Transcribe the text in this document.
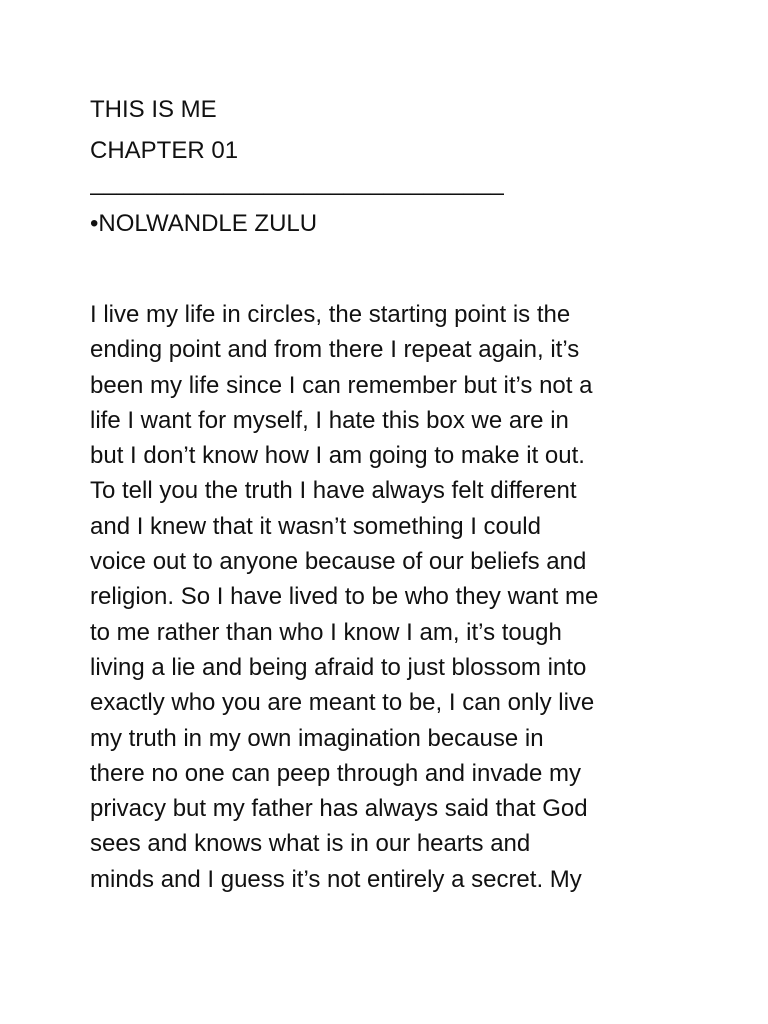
THIS IS ME
CHAPTER 01
_______________________________
•NOLWANDLE ZULU
I live my life in circles, the starting point is the
ending point and from there I repeat again, it’s
been my life since I can remember but it’s not a
life I want for myself, I hate this box we are in
but I don’t know how I am going to make it out.
To tell you the truth I have always felt different
and I knew that it wasn’t something I could
voice out to anyone because of our beliefs and
religion. So I have lived to be who they want me
to me rather than who I know I am, it’s tough
living a lie and being afraid to just blossom into
exactly who you are meant to be, I can only live
my truth in my own imagination because in
there no one can peep through and invade my
privacy but my father has always said that God
sees and knows what is in our hearts and
minds and I guess it’s not entirely a secret. My
